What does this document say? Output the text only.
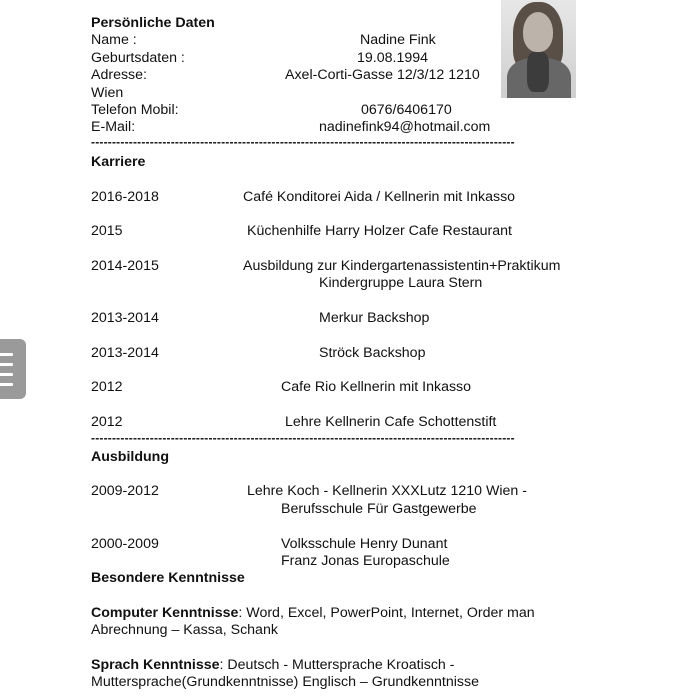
Persönliche Daten
Name :	Nadine Fink
Geburtsdaten :	19.08.1994
Adresse:	Axel-Corti-Gasse 12/3/12 1210
Wien
Telefon Mobil:	0676/6406170
E-Mail:	nadinefink94@hotmail.com
-----------------------------------------------------------------------------------------------------
Karriere
2016-2018	Café Konditorei Aida / Kellnerin mit Inkasso
2015	Küchenhilfe Harry Holzer Cafe Restaurant
2014-2015	Ausbildung zur Kindergartenassistentin+Praktikum
Kindergruppe Laura Stern
2013-2014	Merkur Backshop
2013-2014	Ströck Backshop
2012	Cafe Rio Kellnerin mit Inkasso
2012	Lehre Kellnerin Cafe Schottenstift
-----------------------------------------------------------------------------------------------------
Ausbildung
2009-2012	Lehre Koch - Kellnerin XXXLutz 1210 Wien -
Berufsschule Für Gastgewerbe
2000-2009	Volksschule Henry Dunant
Franz Jonas Europaschule
Besondere Kenntnisse
Computer Kenntnisse: Word, Excel, PowerPoint, Internet, Order man
Abrechnung – Kassa, Schank
Sprach Kenntnisse: Deutsch - Muttersprache Kroatisch -
Muttersprache(Grundkenntnisse) Englisch – Grundkenntnisse
